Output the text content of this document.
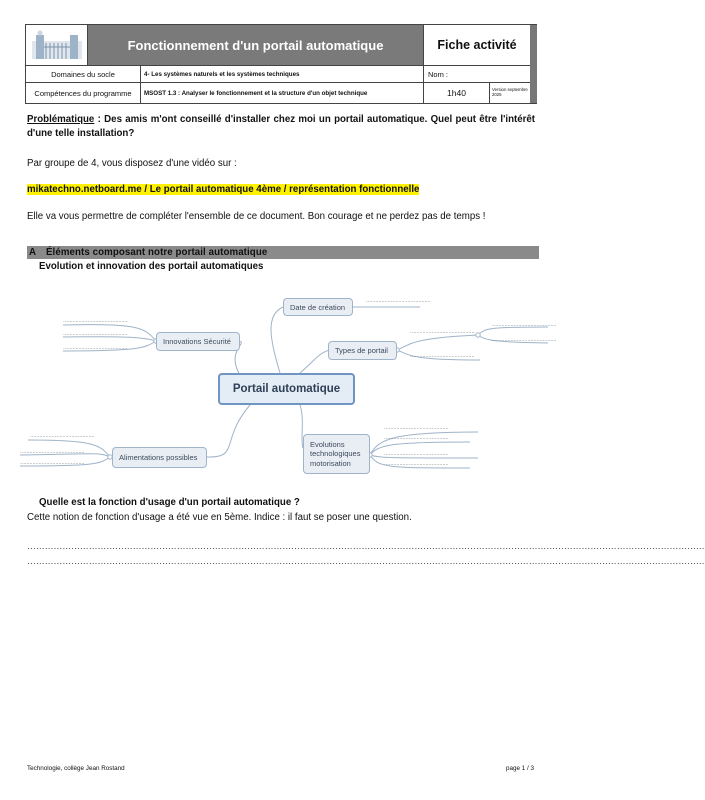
Fonctionnement d'un portail automatique	Fiche activité
Domaines du socle	4- Les systèmes naturels et les systèmes techniques	Nom :
Compétences du programme	MSOST 1.3 : Analyser le fonctionnement et la structure d'un objet technique	1h40	Version septembre 2025
Problématique : Des amis m'ont conseillé d'installer chez moi un portail automatique. Quel peut être l'intérêt d'une telle installation?
Par groupe de 4, vous disposez d'une vidéo sur :
mikatechno.netboard.me / Le portail automatique 4ème / représentation fonctionnelle
Elle va vous permettre de compléter l'ensemble de ce document. Bon courage et ne perdez pas de temps !
A Éléments composant notre portail automatique
Evolution et innovation des portail automatiques
Portail automatique
Date de création
Types de portail
Innovations Sécurité
Alimentations possibles
Evolutions
technologiques
motorisation
……………………………………
……………………………………
……………………………………
……………………………………
……………………………………
……………………………………
……………………………………
……………………………………
……………………………………
……………………………………
……………………………………
……………………………………
……………………………………
……………………………………
……………………………………
Quelle est la fonction d'usage d'un portail automatique ?
Cette notion de fonction d'usage a été vue en 5ème. Indice : il faut se poser une question.
……………………………………………………………………………………………………………………………………………………………………………………………………………
……………………………………………………………………………………………………………………………………………………………………………………………………………
Technologie, collège Jean Rostand	page 1 / 3
